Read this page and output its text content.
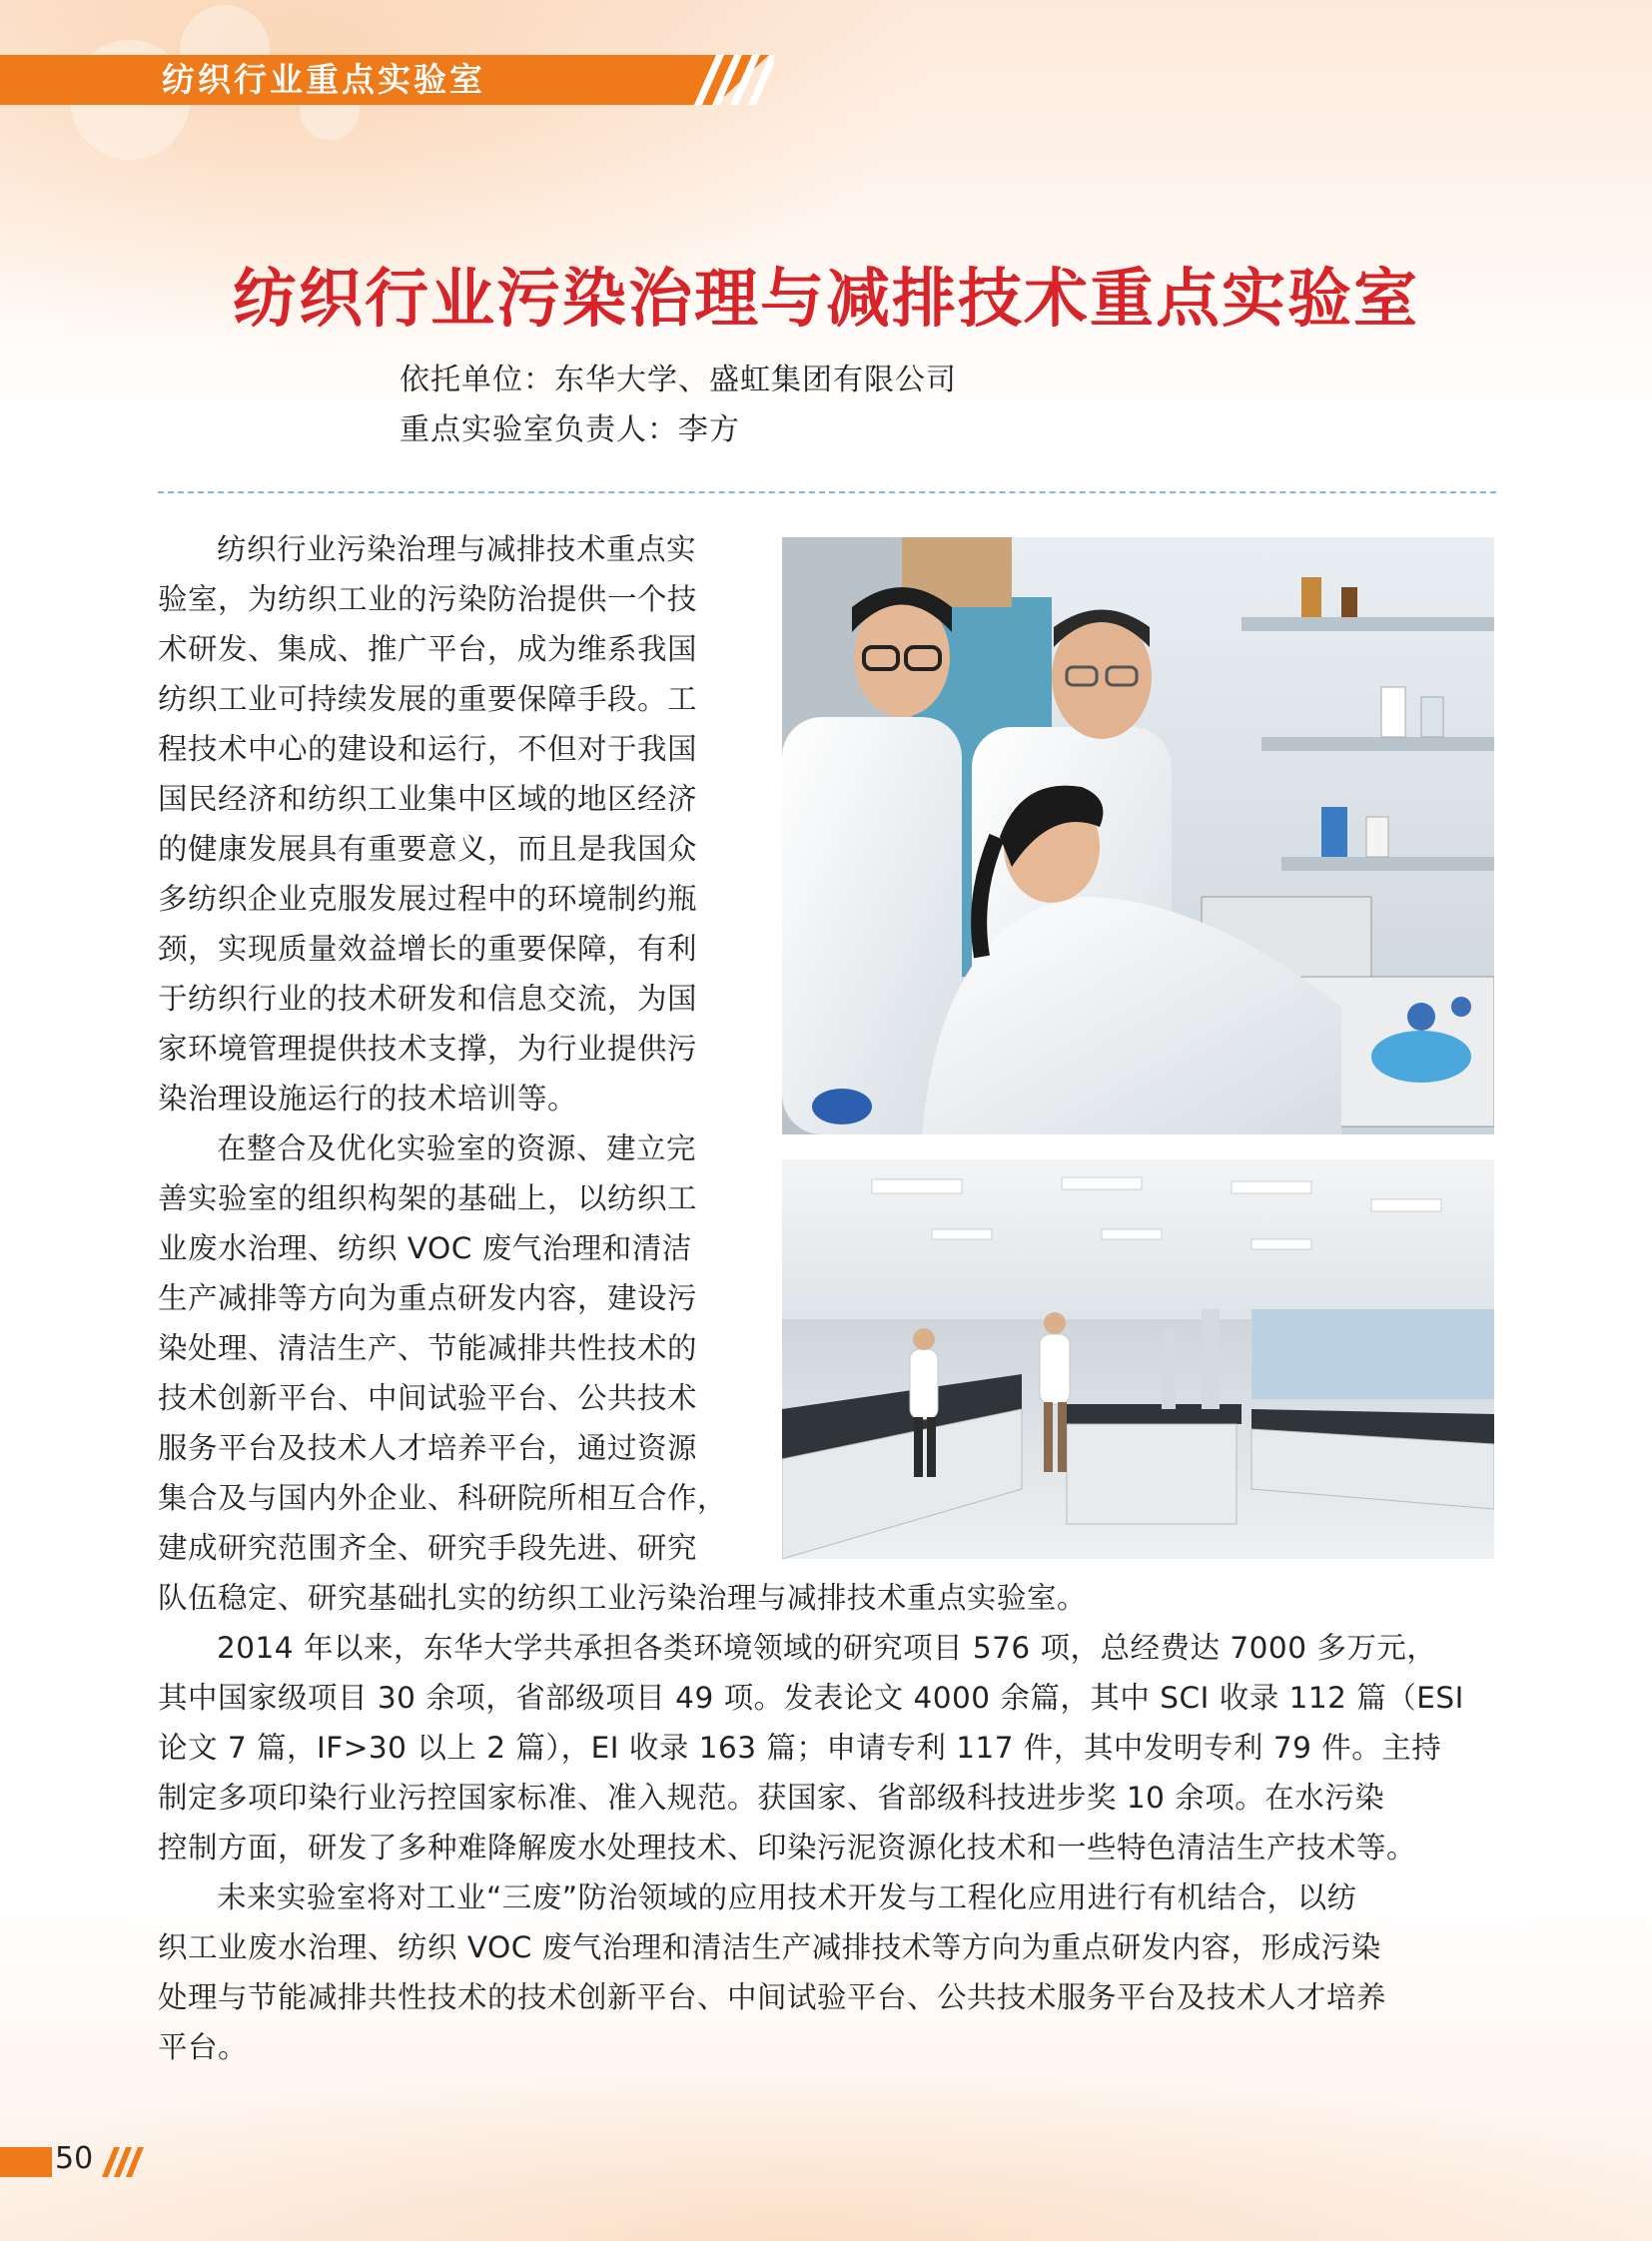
纺织行业重点实验室
纺织行业污染治理与减排技术重点实验室
依托单位：东华大学、盛虹集团有限公司
重点实验室负责人：李方
纺织行业污染治理与减排技术重点实
验室，为纺织工业的污染防治提供一个技
术研发、集成、推广平台，成为维系我国
纺织工业可持续发展的重要保障手段。工
程技术中心的建设和运行，不但对于我国
国民经济和纺织工业集中区域的地区经济
的健康发展具有重要意义，而且是我国众
多纺织企业克服发展过程中的环境制约瓶
颈，实现质量效益增长的重要保障，有利
于纺织行业的技术研发和信息交流，为国
家环境管理提供技术支撑，为行业提供污
染治理设施运行的技术培训等。
在整合及优化实验室的资源、建立完
善实验室的组织构架的基础上，以纺织工
业废水治理、纺织 VOC 废气治理和清洁
生产减排等方向为重点研发内容，建设污
染处理、清洁生产、节能减排共性技术的
技术创新平台、中间试验平台、公共技术
服务平台及技术人才培养平台，通过资源
集合及与国内外企业、科研院所相互合作，
建成研究范围齐全、研究手段先进、研究
队伍稳定、研究基础扎实的纺织工业污染治理与减排技术重点实验室。
2014 年以来，东华大学共承担各类环境领域的研究项目 576 项，总经费达 7000 多万元，
其中国家级项目 30 余项，省部级项目 49 项。发表论文 4000 余篇，其中 SCI 收录 112 篇（ESI
论文 7 篇，IF>30 以上 2 篇），EI 收录 163 篇；申请专利 117 件，其中发明专利 79 件。主持
制定多项印染行业污控国家标准、准入规范。获国家、省部级科技进步奖 10 余项。在水污染
控制方面，研发了多种难降解废水处理技术、印染污泥资源化技术和一些特色清洁生产技术等。
未来实验室将对工业“三废”防治领域的应用技术开发与工程化应用进行有机结合，以纺
织工业废水治理、纺织 VOC 废气治理和清洁生产减排技术等方向为重点研发内容，形成污染
处理与节能减排共性技术的技术创新平台、中间试验平台、公共技术服务平台及技术人才培养
平台。
50
